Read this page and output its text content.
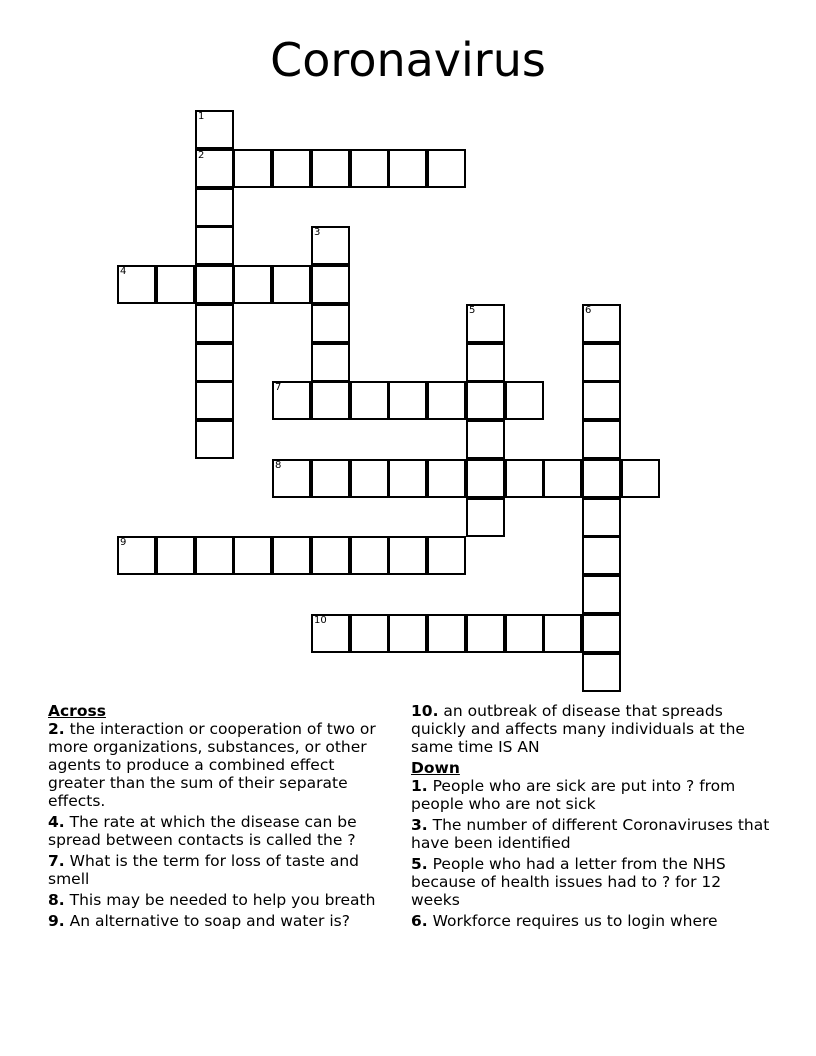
Coronavirus
1
2
3
4
5	6
7
8
9
10
Across
2. the interaction or cooperation of two or more organizations, substances, or other agents to produce a combined effect greater than the sum of their separate effects.
4. The rate at which the disease can be spread between contacts is called the ?
7. What is the term for loss of taste and smell
8. This may be needed to help you breath
9. An alternative to soap and water is?
10. an outbreak of disease that spreads quickly and affects many individuals at the same time IS AN
Down
1. People who are sick are put into ? from people who are not sick
3. The number of different Coronaviruses that have been identified
5. People who had a letter from the NHS because of health issues had to ? for 12 weeks
6. Workforce requires us to login where
